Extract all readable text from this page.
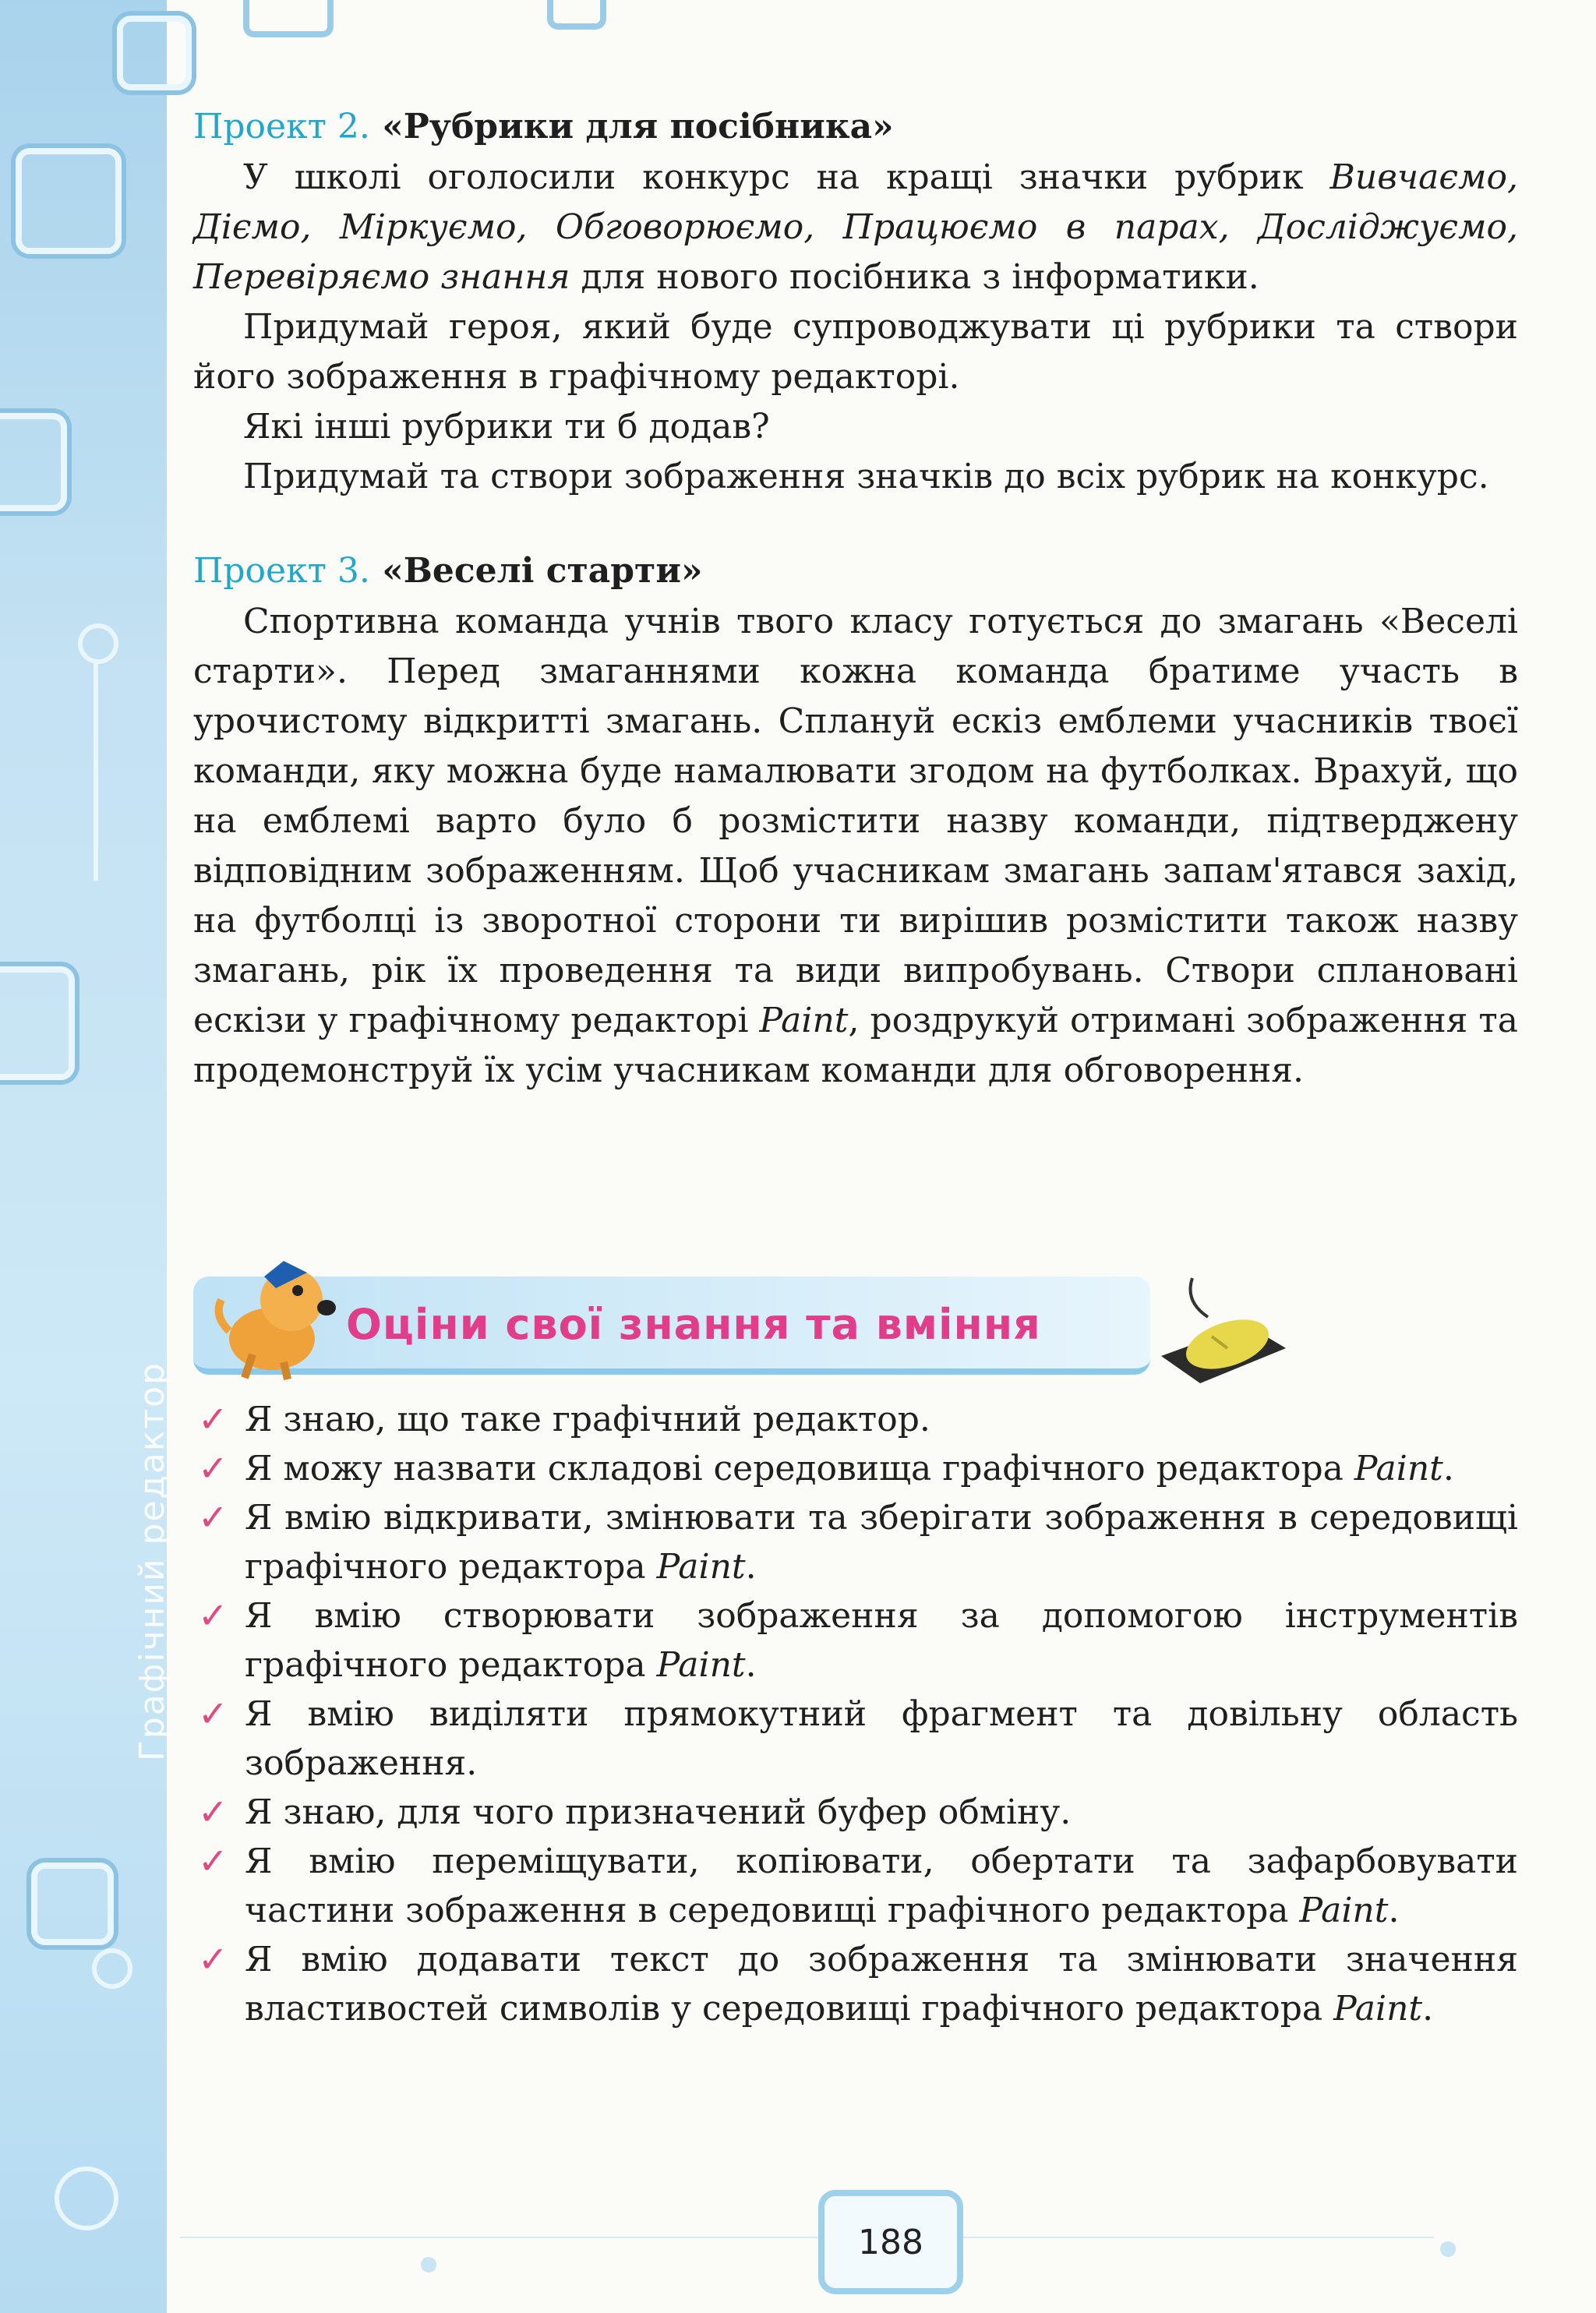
Графічний редактор

Проект 2. «Рубрики для посібника»

У школі оголосили конкурс на кращі значки рубрик Вивчаємо, Діємо, Міркуємо, Обговорюємо, Працюємо в парах, Досліджуємо, Перевіряємо знання для нового посібника з інформатики.

Придумай героя, який буде супроводжувати ці рубрики та створи його зображення в графічному редакторі.

Які інші рубрики ти б додав?

Придумай та створи зображення значків до всіх рубрик на конкурс.

Проект 3. «Веселі старти»

Спортивна команда учнів твого класу готується до змагань «Веселі старти». Перед змаганнями кожна команда братиме участь в урочистому відкритті змагань. Сплануй ескіз емблеми учасників твоєї команди, яку можна буде намалювати згодом на футболках. Врахуй, що на емблемі варто було б розмістити назву команди, підтверджену відповідним зображенням. Щоб учасникам змагань запам'ятався захід, на футболці із зворотної сторони ти вирішив розмістити також назву змагань, рік їх проведення та види випробувань. Створи сплановані ескізи у графічному редакторі Paint, роздрукуй отримані зображення та продемонструй їх усім учасникам команди для обговорення.

Оціни свої знання та вміння
✓ Я знаю, що таке графічний редактор.
✓ Я можу назвати складові середовища графічного редактора Paint.
✓ Я вмію відкривати, змінювати та зберігати зображення в середовищі графічного редактора Paint.
✓ Я вмію створювати зображення за допомогою інструментів графічного редактора Paint.
✓ Я вмію виділяти прямокутний фрагмент та довільну область зображення.
✓ Я знаю, для чого призначений буфер обміну.
✓ Я вмію переміщувати, копіювати, обертати та зафарбовувати частини зображення в середовищі графічного редактора Paint.
✓ Я вмію додавати текст до зображення та змінювати значення властивостей символів у середовищі графічного редактора Paint.
188
